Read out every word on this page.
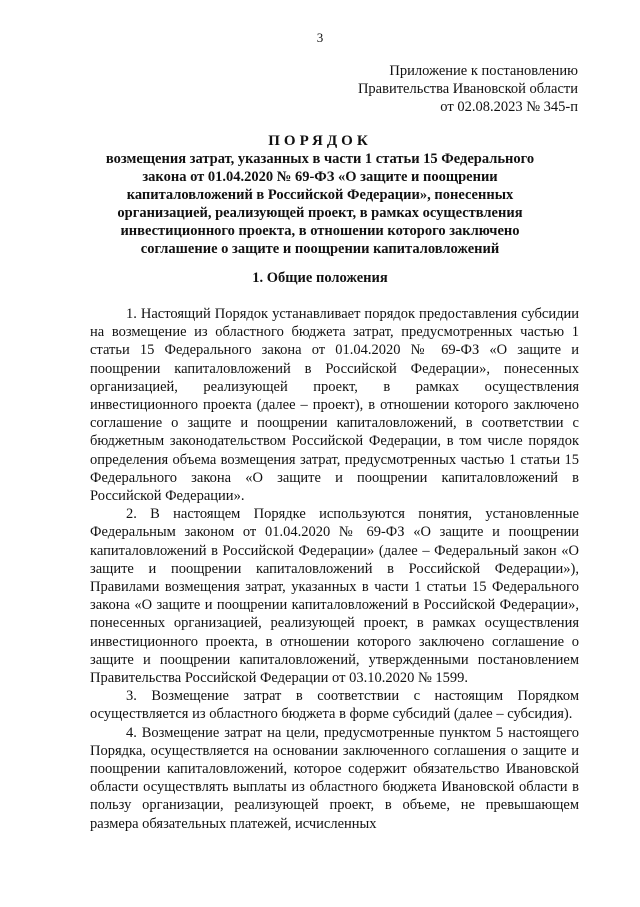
3
Приложение к постановлению
Правительства Ивановской области
от 02.08.2023 № 345-п
ПОРЯДОК
возмещения затрат, указанных в части 1 статьи 15 Федерального закона от 01.04.2020 № 69-ФЗ «О защите и поощрении капиталовложений в Российской Федерации», понесенных организацией, реализующей проект, в рамках осуществления инвестиционного проекта, в отношении которого заключено соглашение о защите и поощрении капиталовложений
1. Общие положения

1. Настоящий Порядок устанавливает порядок предоставления субсидии на возмещение из областного бюджета затрат, предусмотренных частью 1 статьи 15 Федерального закона от 01.04.2020 № 69-ФЗ «О защите и поощрении капиталовложений в Российской Федерации», понесенных организацией, реализующей проект, в рамках осуществления инвестиционного проекта (далее – проект), в отношении которого заключено соглашение о защите и поощрении капиталовложений, в соответствии с бюджетным законодательством Российской Федерации, в том числе порядок определения объема возмещения затрат, предусмотренных частью 1 статьи 15 Федерального закона «О защите и поощрении капиталовложений в Российской Федерации».

2. В настоящем Порядке используются понятия, установленные Федеральным законом от 01.04.2020 № 69-ФЗ «О защите и поощрении капиталовложений в Российской Федерации» (далее – Федеральный закон «О защите и поощрении капиталовложений в Российской Федерации»), Правилами возмещения затрат, указанных в части 1 статьи 15 Федерального закона «О защите и поощрении капиталовложений в Российской Федерации», понесенных организацией, реализующей проект, в рамках осуществления инвестиционного проекта, в отношении которого заключено соглашение о защите и поощрении капиталовложений, утвержденными постановлением Правительства Российской Федерации от 03.10.2020 № 1599.

3. Возмещение затрат в соответствии с настоящим Порядком осуществляется из областного бюджета в форме субсидий (далее – субсидия).

4. Возмещение затрат на цели, предусмотренные пунктом 5 настоящего Порядка, осуществляется на основании заключенного соглашения о защите и поощрении капиталовложений, которое содержит обязательство Ивановской области осуществлять выплаты из областного бюджета Ивановской области в пользу организации, реализующей проект, в объеме, не превышающем размера обязательных платежей, исчисленных
